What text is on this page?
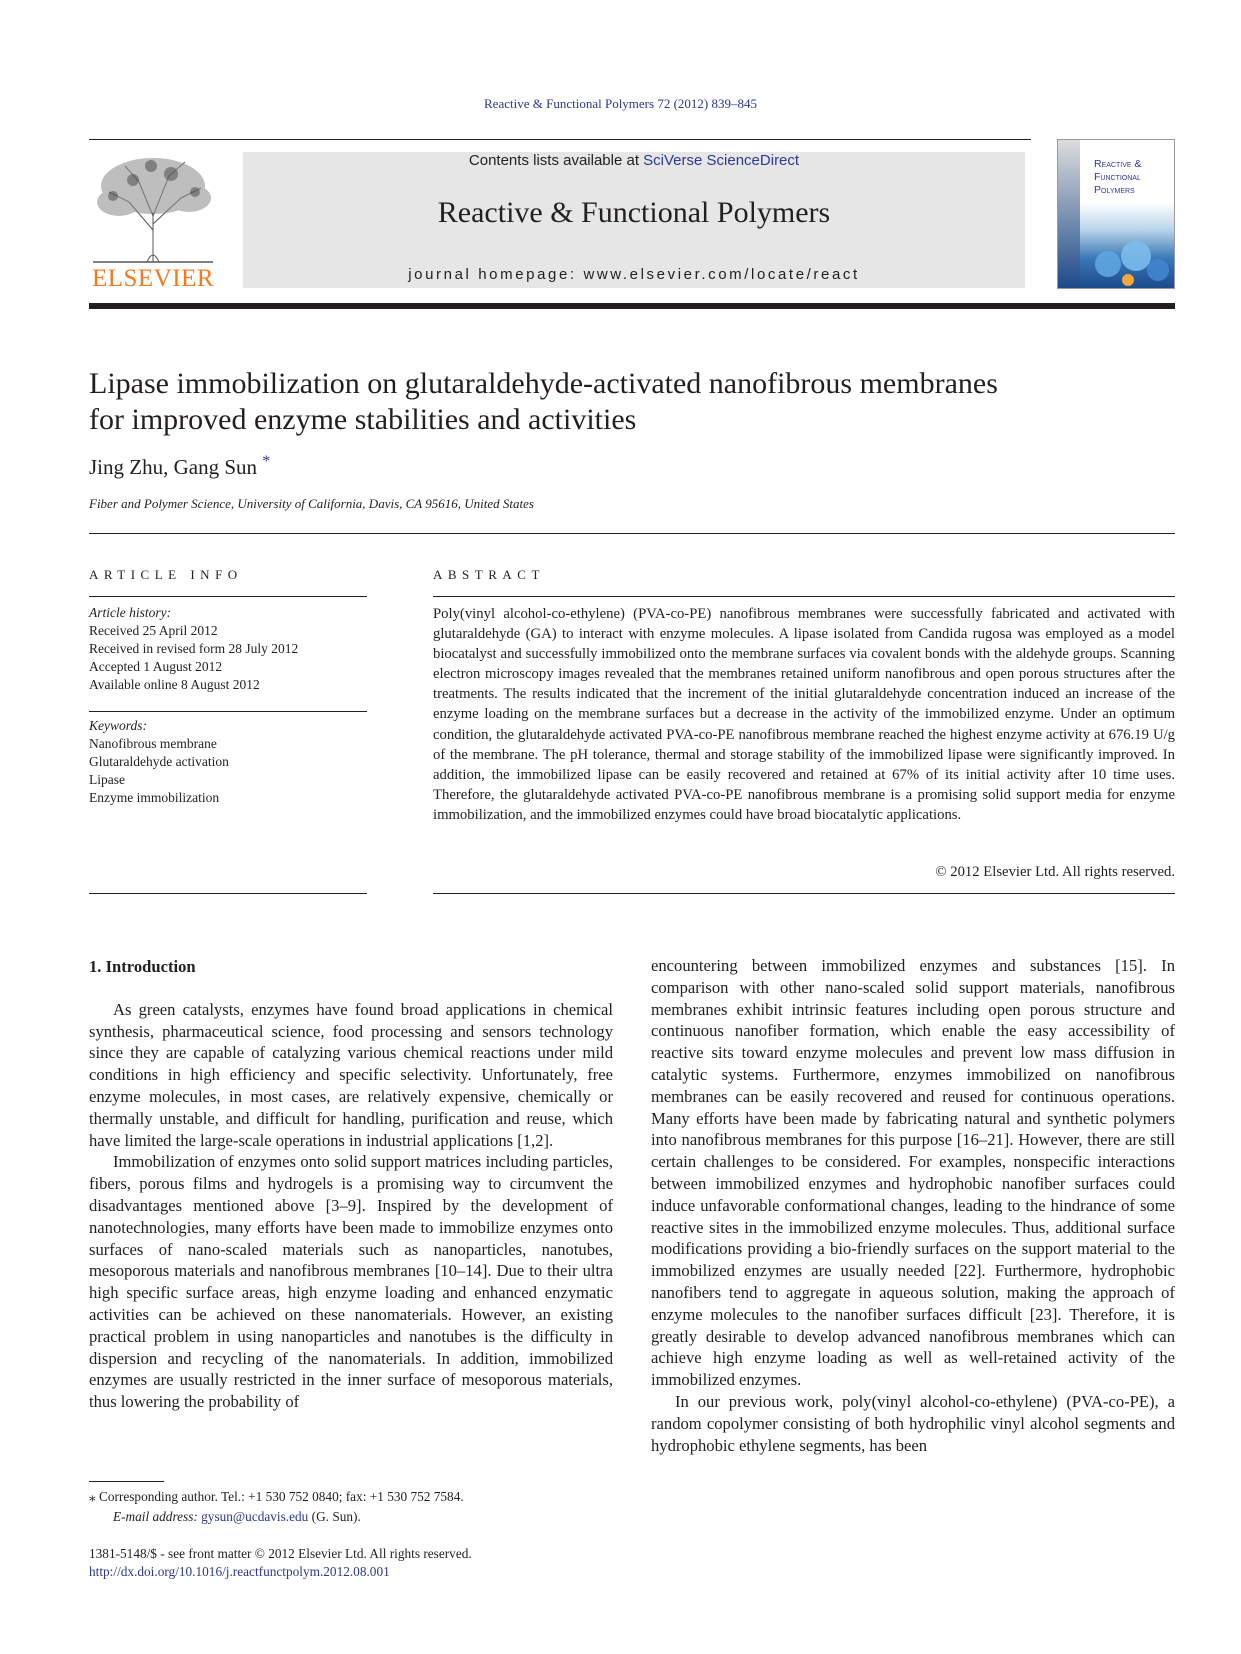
Reactive & Functional Polymers 72 (2012) 839–845
ELSEVIER
Contents lists available at SciVerse ScienceDirect
Reactive & Functional Polymers
journal homepage: www.elsevier.com/locate/react
Reactive &
Functional
Polymers
Lipase immobilization on glutaraldehyde-activated nanofibrous membranes
for improved enzyme stabilities and activities
Jing Zhu, Gang Sun *
Fiber and Polymer Science, University of California, Davis, CA 95616, United States
ARTICLE INFO	ABSTRACT
Article history:
Received 25 April 2012
Received in revised form 28 July 2012
Accepted 1 August 2012
Available online 8 August 2012
Keywords:
Nanofibrous membrane
Glutaraldehyde activation
Lipase
Enzyme immobilization
Poly(vinyl alcohol-co-ethylene) (PVA-co-PE) nanofibrous membranes were successfully fabricated and activated with glutaraldehyde (GA) to interact with enzyme molecules. A lipase isolated from Candida rugosa was employed as a model biocatalyst and successfully immobilized onto the membrane surfaces via covalent bonds with the aldehyde groups. Scanning electron microscopy images revealed that the membranes retained uniform nanofibrous and open porous structures after the treatments. The results indicated that the increment of the initial glutaraldehyde concentration induced an increase of the enzyme loading on the membrane surfaces but a decrease in the activity of the immobilized enzyme. Under an optimum condition, the glutaraldehyde activated PVA-co-PE nanofibrous membrane reached the highest enzyme activity at 676.19 U/g of the membrane. The pH tolerance, thermal and storage stability of the immobilized lipase were significantly improved. In addition, the immobilized lipase can be easily recovered and retained at 67% of its initial activity after 10 time uses. Therefore, the glutaraldehyde activated PVA-co-PE nanofibrous membrane is a promising solid support media for enzyme immobilization, and the immobilized enzymes could have broad biocatalytic applications.
© 2012 Elsevier Ltd. All rights reserved.
1. Introduction

As green catalysts, enzymes have found broad applications in chemical synthesis, pharmaceutical science, food processing and sensors technology since they are capable of catalyzing various chemical reactions under mild conditions in high efficiency and specific selectivity. Unfortunately, free enzyme molecules, in most cases, are relatively expensive, chemically or thermally unstable, and difficult for handling, purification and reuse, which have limited the large-scale operations in industrial applications [1,2].

Immobilization of enzymes onto solid support matrices including particles, fibers, porous films and hydrogels is a promising way to circumvent the disadvantages mentioned above [3–9]. Inspired by the development of nanotechnologies, many efforts have been made to immobilize enzymes onto surfaces of nano-scaled materials such as nanoparticles, nanotubes, mesoporous materials and nanofibrous membranes [10–14]. Due to their ultra high specific surface areas, high enzyme loading and enhanced enzymatic activities can be achieved on these nanomaterials. However, an existing practical problem in using nanoparticles and nanotubes is the difficulty in dispersion and recycling of the nanomaterials. In addition, immobilized enzymes are usually restricted in the inner surface of mesoporous materials, thus lowering the probability of

encountering between immobilized enzymes and substances [15]. In comparison with other nano-scaled solid support materials, nanofibrous membranes exhibit intrinsic features including open porous structure and continuous nanofiber formation, which enable the easy accessibility of reactive sits toward enzyme molecules and prevent low mass diffusion in catalytic systems. Furthermore, enzymes immobilized on nanofibrous membranes can be easily recovered and reused for continuous operations. Many efforts have been made by fabricating natural and synthetic polymers into nanofibrous membranes for this purpose [16–21]. However, there are still certain challenges to be considered. For examples, nonspecific interactions between immobilized enzymes and hydrophobic nanofiber surfaces could induce unfavorable conformational changes, leading to the hindrance of some reactive sites in the immobilized enzyme molecules. Thus, additional surface modifications providing a bio-friendly surfaces on the support material to the immobilized enzymes are usually needed [22]. Furthermore, hydrophobic nanofibers tend to aggregate in aqueous solution, making the approach of enzyme molecules to the nanofiber surfaces difficult [23]. Therefore, it is greatly desirable to develop advanced nanofibrous membranes which can achieve high enzyme loading as well as well-retained activity of the immobilized enzymes.

In our previous work, poly(vinyl alcohol-co-ethylene) (PVA-co-PE), a random copolymer consisting of both hydrophilic vinyl alcohol segments and hydrophobic ethylene segments, has been

⁎ Corresponding author. Tel.: +1 530 752 0840; fax: +1 530 752 7584.
E-mail address: gysun@ucdavis.edu (G. Sun).
1381-5148/$ - see front matter © 2012 Elsevier Ltd. All rights reserved.
http://dx.doi.org/10.1016/j.reactfunctpolym.2012.08.001
